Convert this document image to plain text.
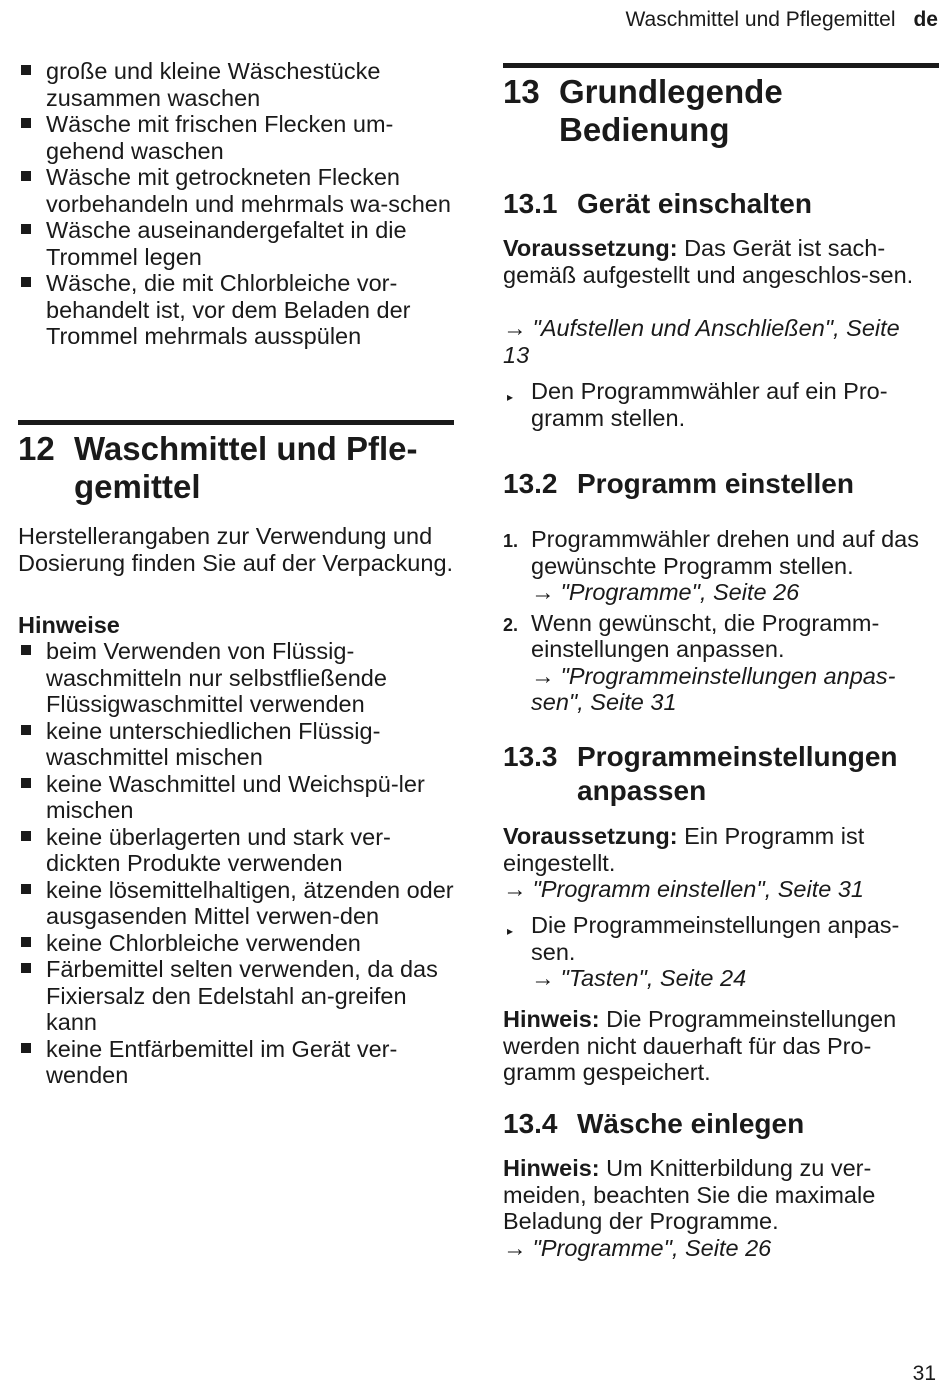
Waschmittel und Pflegemittel de
große und kleine Wäschestücke zusammen waschen
Wäsche mit frischen Flecken um-gehend waschen
Wäsche mit getrockneten Flecken vorbehandeln und mehrmals wa-schen
Wäsche auseinandergefaltet in die Trommel legen
Wäsche, die mit Chlorbleiche vor-behandelt ist, vor dem Beladen der Trommel mehrmals ausspülen
12 Waschmittel und Pfle-gemittel
Herstellerangaben zur Verwendung und Dosierung finden Sie auf der Verpackung.
Hinweise
beim Verwenden von Flüssig-waschmitteln nur selbstfließende Flüssigwaschmittel verwenden
keine unterschiedlichen Flüssig-waschmittel mischen
keine Waschmittel und Weichspü-ler mischen
keine überlagerten und stark ver-dickten Produkte verwenden
keine lösemittelhaltigen, ätzenden oder ausgasenden Mittel verwen-den
keine Chlorbleiche verwenden
Färbemittel selten verwenden, da das Fixiersalz den Edelstahl an-greifen kann
keine Entfärbemittel im Gerät ver-wenden
13 Grundlegende Bedienung
13.1 Gerät einschalten
Voraussetzung: Das Gerät ist sach-gemäß aufgestellt und angeschlos-sen.
→ "Aufstellen und Anschließen", Seite 13
▸ Den Programmwähler auf ein Pro-gramm stellen.
13.2 Programm einstellen
1. Programmwähler drehen und auf das gewünschte Programm stellen.
→ "Programme", Seite 26
2. Wenn gewünscht, die Programm-einstellungen anpassen.
→ "Programmeinstellungen anpas-sen", Seite 31
13.3 Programmeinstellungen anpassen
Voraussetzung: Ein Programm ist eingestellt.
→ "Programm einstellen", Seite 31
▸ Die Programmeinstellungen anpas-sen.
→ "Tasten", Seite 24
Hinweis: Die Programmeinstellungen werden nicht dauerhaft für das Pro-gramm gespeichert.
13.4 Wäsche einlegen
Hinweis: Um Knitterbildung zu ver-meiden, beachten Sie die maximale Beladung der Programme.
→ "Programme", Seite 26
31
